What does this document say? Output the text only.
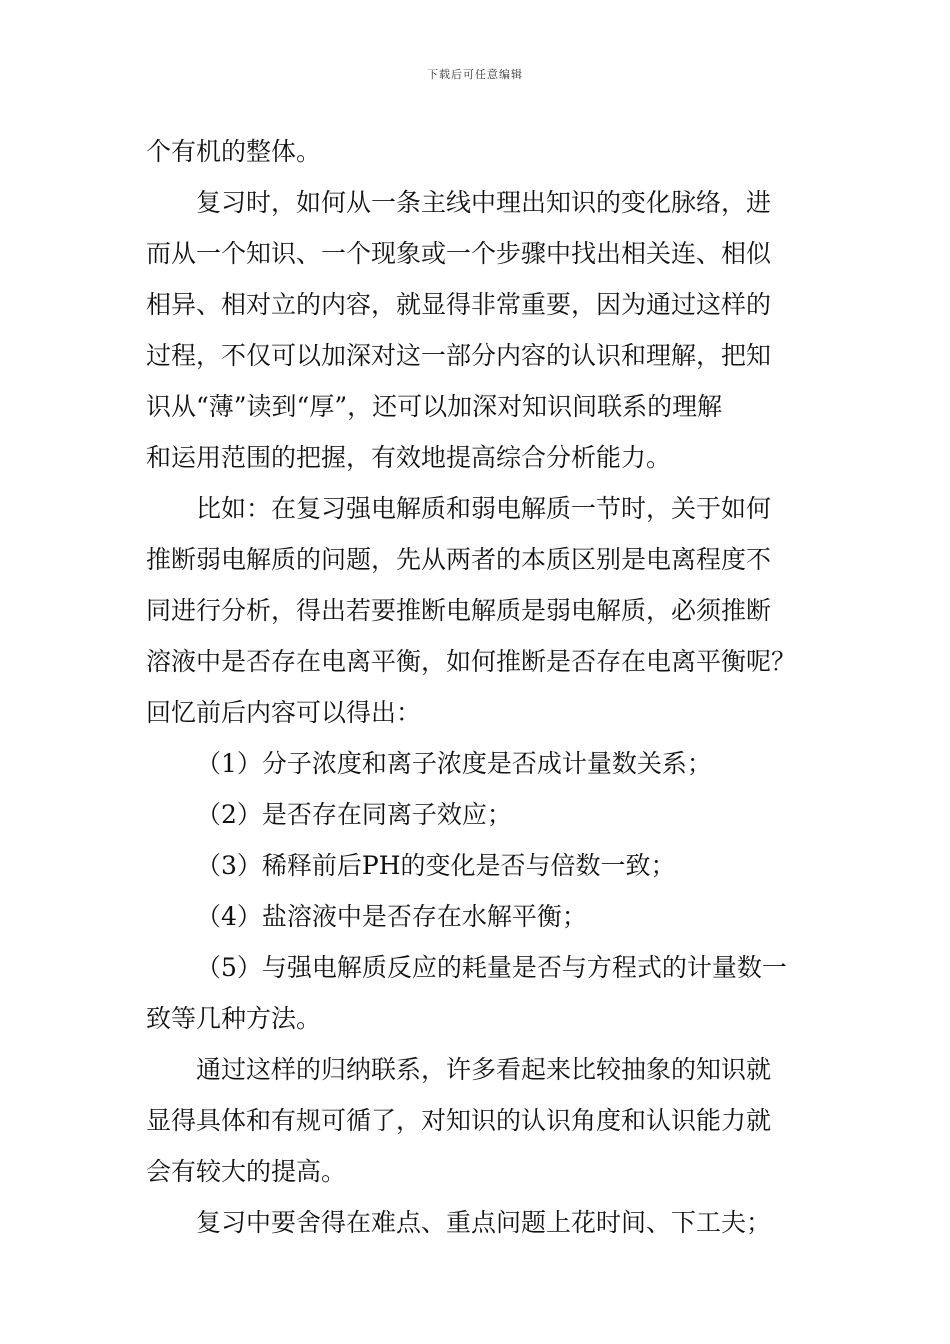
下载后可任意编辑

个有机的整体。

复习时，如何从一条主线中理出知识的变化脉络，进

而从一个知识、一个现象或一个步骤中找出相关连、相似

相异、相对立的内容，就显得非常重要，因为通过这样的

过程，不仅可以加深对这一部分内容的认识和理解，把知

识从“薄”读到“厚”，还可以加深对知识间联系的理解

和运用范围的把握，有效地提高综合分析能力。

比如：在复习强电解质和弱电解质一节时，关于如何

推断弱电解质的问题，先从两者的本质区别是电离程度不

同进行分析，得出若要推断电解质是弱电解质，必须推断

溶液中是否存在电离平衡，如何推断是否存在电离平衡呢？

回忆前后内容可以得出：

（1）分子浓度和离子浓度是否成计量数关系；

（2）是否存在同离子效应；

（3）稀释前后PH的变化是否与倍数一致；

（4）盐溶液中是否存在水解平衡；

（5）与强电解质反应的耗量是否与方程式的计量数一

致等几种方法。

通过这样的归纳联系，许多看起来比较抽象的知识就

显得具体和有规可循了，对知识的认识角度和认识能力就

会有较大的提高。

复习中要舍得在难点、重点问题上花时间、下工夫；
